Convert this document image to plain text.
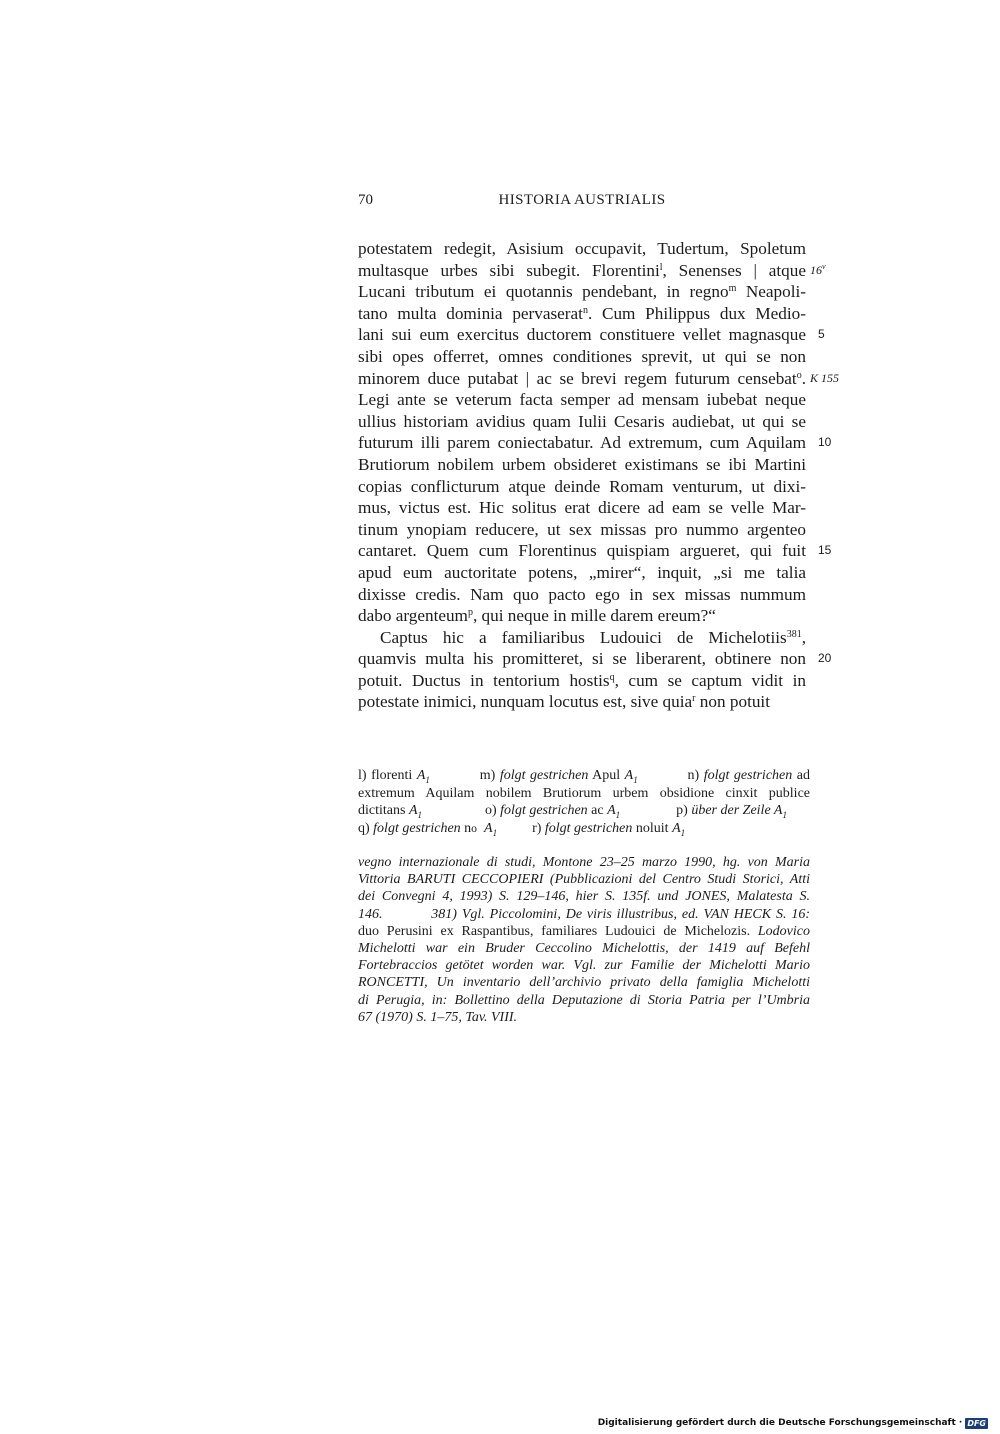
70	HISTORIA AUSTRIALIS
potestatem redegit, Asisium occupavit, Tudertum, Spoletum
multasque urbes sibi subegit. Florentini$^l$, Senenses | atque 16$^v$
Lucani tributum ei quotannis pendebant, in regno$^m$ Neapoli-
tano multa dominia pervaserat$^n$. Cum Philippus dux Medio-
lani sui eum exercitus ductorem constituere vellet magnasque 5
sibi opes offerret, omnes conditiones sprevit, ut qui se non
minorem duce putabat | ac se brevi regem futurum censebat$^o$. K 155
Legi ante se veterum facta semper ad mensam iubebat neque
ullius historiam avidius quam Iulii Cesaris audiebat, ut qui se
futurum illi parem coniectabatur. Ad extremum, cum Aquilam 10
Brutiorum nobilem urbem obsideret existimans se ibi Martini
copias conflicturum atque deinde Romam venturum, ut dixi-
mus, victus est. Hic solitus erat dicere ad eam se velle Mar-
tinum ynopiam reducere, ut sex missas pro nummo argenteo
cantaret. Quem cum Florentinus quispiam argueret, qui fuit 15
apud eum auctoritate potens, „mirer“, inquit, „si me talia
dixisse credis. Nam quo pacto ego in sex missas nummum
dabo argenteum$^p$, qui neque in mille darem ereum?“
Captus hic a familiaribus Ludouici de Michelotiis$^{381}$,
quamvis multa his promitteret, si se liberarent, obtinere non 20
potuit. Ductus in tentorium hostis$^q$, cum se captum vidit in
potestate inimici, nunquam locutus est, sive quia$^r$ non potuit
l) florenti $A_1$           m) folgt gestrichen Apul $A_1$           n) folgt gestrichen ad
extremum Aquilam nobilem Brutiorum urbem obsidione cinxit publice
dictitans $A_1$                  o) folgt gestrichen ac $A_1$                p) über der Zeile $A_1$
q) folgt gestrichen no $A_1$          r) folgt gestrichen noluit $A_1$
vegno internazionale di studi, Montone 23–25 marzo 1990, hg. von Maria
Vittoria BARUTI CECCOPIERI (Pubblicazioni del Centro Studi Storici, Atti
dei Convegni 4, 1993) S. 129–146, hier S. 135f. und JONES, Malatesta S.
146.          381) Vgl. Piccolomini, De viris illustribus, ed. VAN HECK S. 16:
duo Perusini ex Raspantibus, familiares Ludouici de Michelozis. Lodovico
Michelotti war ein Bruder Ceccolino Michelottis, der 1419 auf Befehl
Fortebraccios getötet worden war. Vgl. zur Familie der Michelotti Mario
RONCETTI, Un inventario dell’archivio privato della famiglia Michelotti
di Perugia, in: Bollettino della Deputazione di Storia Patria per l’Umbria
67 (1970) S. 1–75, Tav. VIII.
Digitalisierung gefördert durch die Deutsche Forschungsgemeinschaft · DFG
